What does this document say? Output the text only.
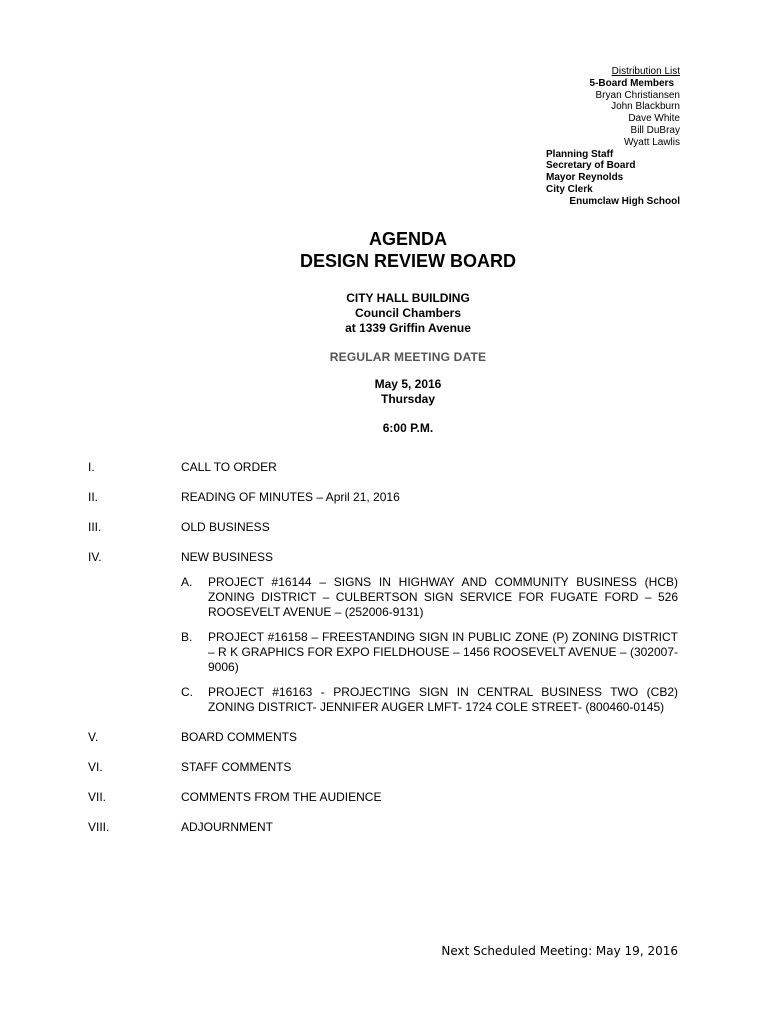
Distribution List
5-Board Members
Bryan Christiansen
John Blackburn
Dave White
Bill DuBray
Wyatt Lawlis
Planning Staff
Secretary of Board
Mayor Reynolds
City Clerk
Enumclaw High School
AGENDA
DESIGN REVIEW BOARD
CITY HALL BUILDING
Council Chambers
at 1339 Griffin Avenue
REGULAR MEETING DATE
May 5, 2016
Thursday
6:00 P.M.
I.	CALL TO ORDER
II.	READING OF MINUTES – April 21, 2016
III.	OLD BUSINESS
IV.	NEW BUSINESS
A. PROJECT #16144 – SIGNS IN HIGHWAY AND COMMUNITY BUSINESS (HCB) ZONING DISTRICT – CULBERTSON SIGN SERVICE FOR FUGATE FORD – 526 ROOSEVELT AVENUE – (252006-9131)
B. PROJECT #16158 – FREESTANDING SIGN IN PUBLIC ZONE (P) ZONING DISTRICT – R K GRAPHICS FOR EXPO FIELDHOUSE – 1456 ROOSEVELT AVENUE – (302007-9006)
C. PROJECT #16163 - PROJECTING SIGN IN CENTRAL BUSINESS TWO (CB2) ZONING DISTRICT- JENNIFER AUGER LMFT- 1724 COLE STREET- (800460-0145)
V.	BOARD COMMENTS
VI.	STAFF COMMENTS
VII.	COMMENTS FROM THE AUDIENCE
VIII.	ADJOURNMENT
Next Scheduled Meeting: May 19, 2016
